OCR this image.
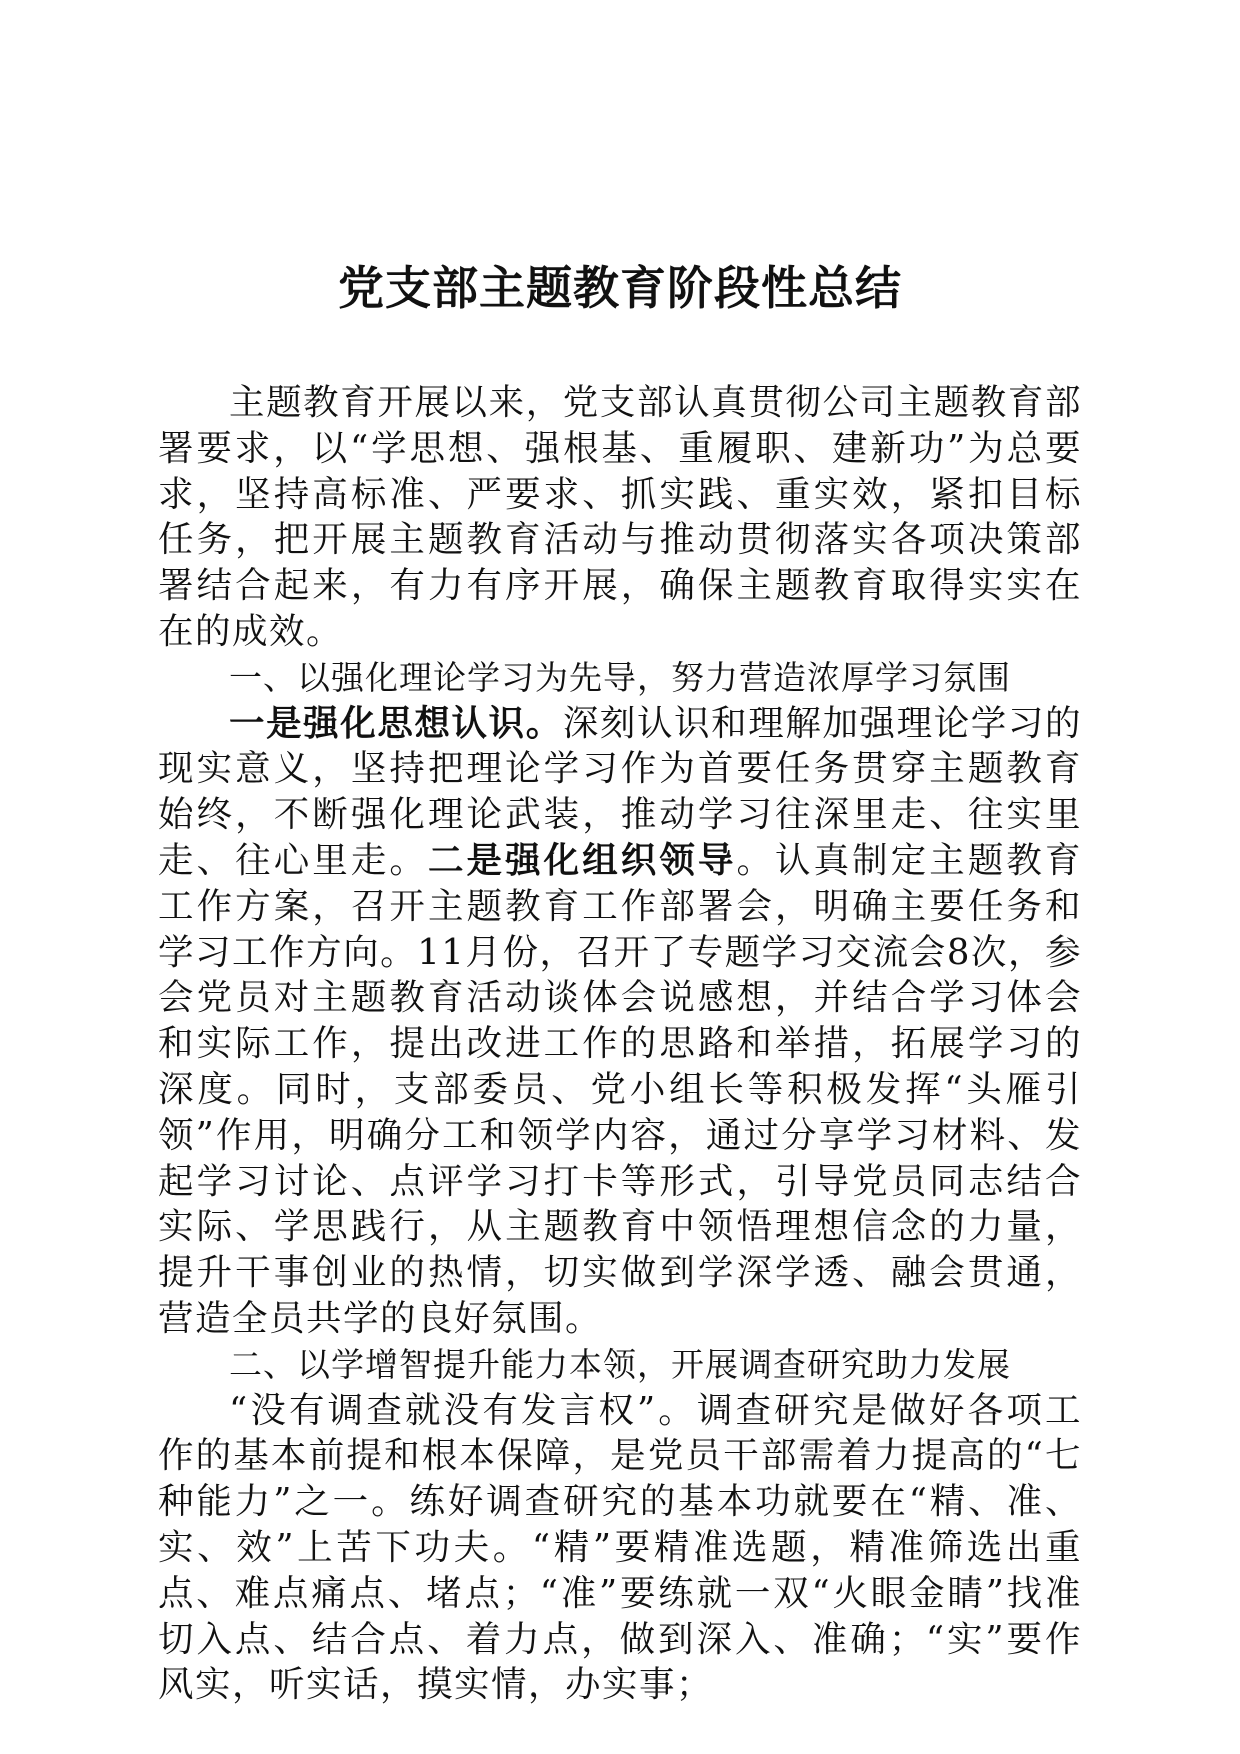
党支部主题教育阶段性总结

主题教育开展以来，党支部认真贯彻公司主题教育部署要求，以“学思想、强根基、重履职、建新功”为总要求，坚持高标准、严要求、抓实践、重实效，紧扣目标任务，把开展主题教育活动与推动贯彻落实各项决策部署结合起来，有力有序开展，确保主题教育取得实实在在的成效。

一、以强化理论学习为先导，努力营造浓厚学习氛围

一是强化思想认识。深刻认识和理解加强理论学习的现实意义，坚持把理论学习作为首要任务贯穿主题教育始终，不断强化理论武装，推动学习往深里走、往实里走、往心里走。二是强化组织领导。认真制定主题教育工作方案，召开主题教育工作部署会，明确主要任务和学习工作方向。11月份，召开了专题学习交流会8次，参会党员对主题教育活动谈体会说感想，并结合学习体会和实际工作，提出改进工作的思路和举措，拓展学习的深度。同时，支部委员、党小组长等积极发挥“头雁引领”作用，明确分工和领学内容，通过分享学习材料、发起学习讨论、点评学习打卡等形式，引导党员同志结合实际、学思践行，从主题教育中领悟理想信念的力量，提升干事创业的热情，切实做到学深学透、融会贯通，营造全员共学的良好氛围。

二、以学增智提升能力本领，开展调查研究助力发展

“没有调查就没有发言权”。调查研究是做好各项工作的基本前提和根本保障，是党员干部需着力提高的“七种能力”之一。练好调查研究的基本功就要在“精、准、实、效”上苦下功夫。“精”要精准选题，精准筛选出重点、难点痛点、堵点；“准”要练就一双“火眼金睛”找准切入点、结合点、着力点，做到深入、准确；“实”要作风实，听实话，摸实情，办实事；
